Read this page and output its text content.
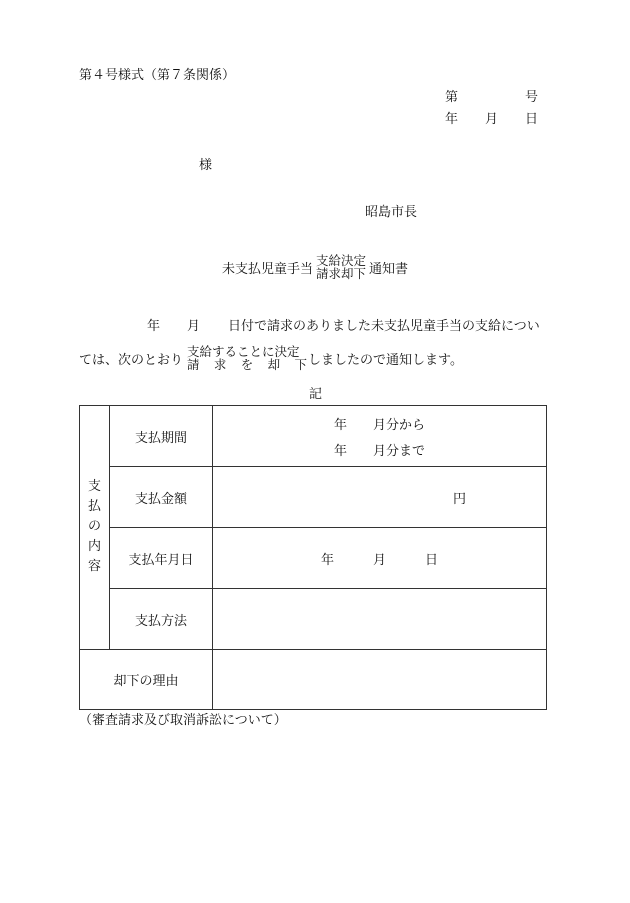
第４号様式（第７条関係）
第	号
年 月 日
様
昭島市長
未支払児童手当
支給決定
請求却下 通知書
年 月 日付で請求のありました未支払児童手当の支給につい
ては、次のとおり
支給することに決定
請 求 を 却 下 しましたので通知します。
記
支
払
の
内
容	支払期間	年　　月分から
年　　月分まで

	支払金額	円
	支払年月日	年　　　月　　　日
	支払方法	
却下の理由		
（審査請求及び取消訴訟について）
